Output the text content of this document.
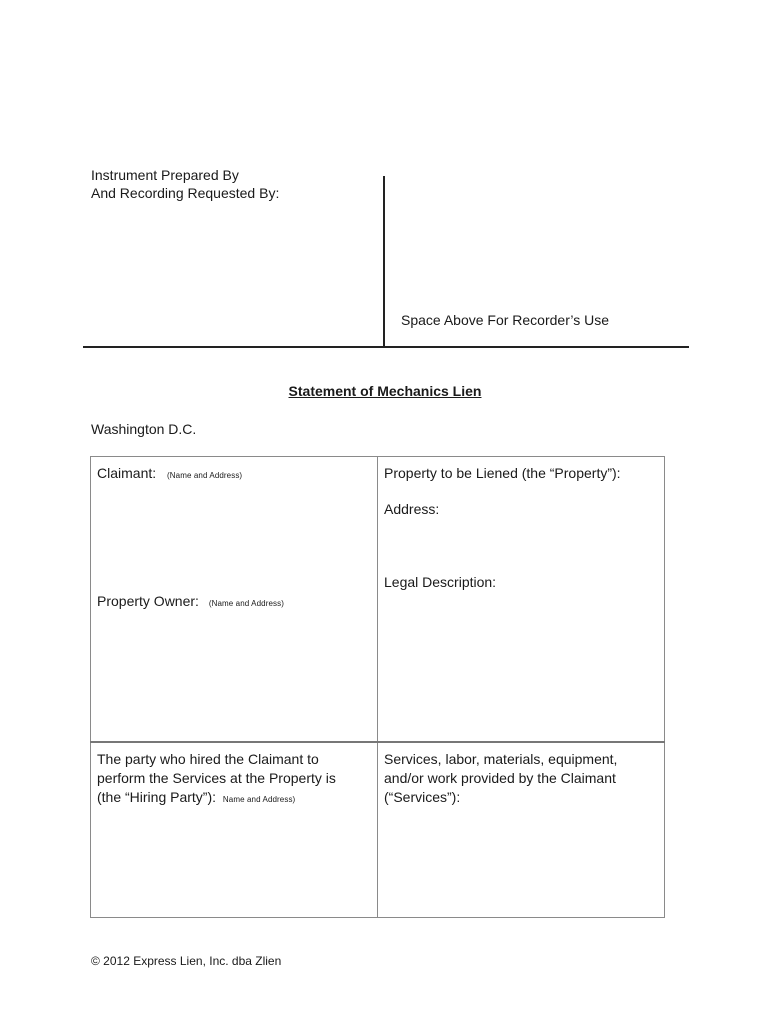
Instrument Prepared By
And Recording Requested By:
Space Above For Recorder’s Use
Statement of Mechanics Lien
Washington D.C.
Claimant: (Name and Address)
Property Owner: (Name and Address)
Property to be Liened (the “Property”):
Address:
Legal Description:
The party who hired the Claimant to
perform the Services at the Property is
(the “Hiring Party”): Name and Address)
Services, labor, materials, equipment,
and/or work provided by the Claimant
(“Services”):
© 2012 Express Lien, Inc. dba Zlien
